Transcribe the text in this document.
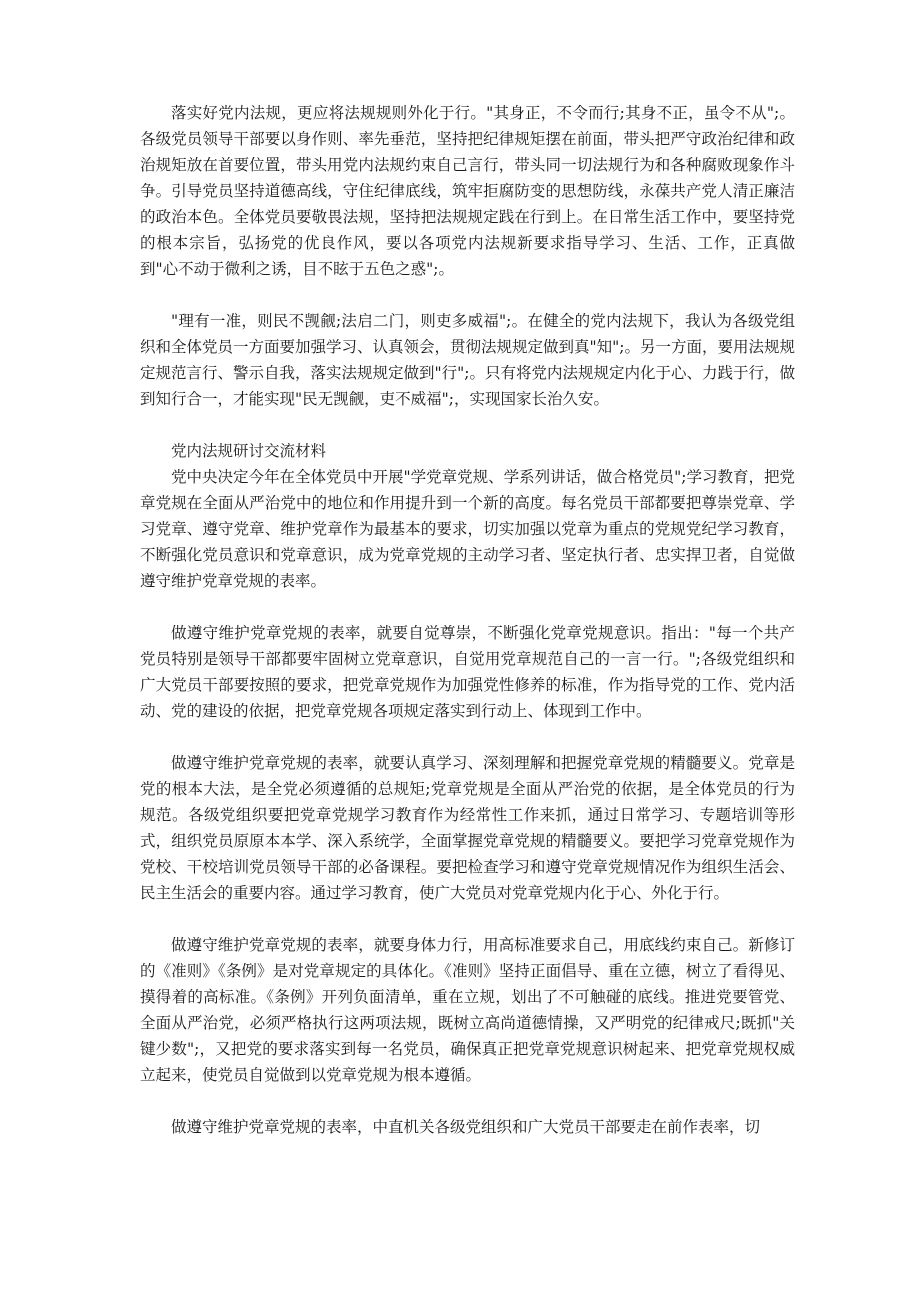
落实好党内法规，更应将法规规则外化于行。"其身正，不令而行;其身不正，虽令不从";。各级党员领导干部要以身作则、率先垂范，坚持把纪律规矩摆在前面，带头把严守政治纪律和政治规矩放在首要位置，带头用党内法规约束自己言行，带头同一切法规行为和各种腐败现象作斗争。引导党员坚持道德高线，守住纪律底线，筑牢拒腐防变的思想防线，永葆共产党人清正廉洁的政治本色。全体党员要敬畏法规，坚持把法规规定践在行到上。在日常生活工作中，要坚持党的根本宗旨，弘扬党的优良作风，要以各项党内法规新要求指导学习、生活、工作，正真做到"心不动于微利之诱，目不眩于五色之惑";。

"理有一准，则民不觊觎;法启二门，则吏多威福";。在健全的党内法规下，我认为各级党组织和全体党员一方面要加强学习、认真领会，贯彻法规规定做到真"知";。另一方面，要用法规规定规范言行、警示自我，落实法规规定做到"行";。只有将党内法规规定内化于心、力践于行，做到知行合一，才能实现"民无觊觎，吏不威福";，实现国家长治久安。

党内法规研讨交流材料

党中央决定今年在全体党员中开展"学党章党规、学系列讲话，做合格党员";学习教育，把党章党规在全面从严治党中的地位和作用提升到一个新的高度。每名党员干部都要把尊崇党章、学习党章、遵守党章、维护党章作为最基本的要求，切实加强以党章为重点的党规党纪学习教育，不断强化党员意识和党章意识，成为党章党规的主动学习者、坚定执行者、忠实捍卫者，自觉做遵守维护党章党规的表率。

做遵守维护党章党规的表率，就要自觉尊崇，不断强化党章党规意识。指出："每一个共产党员特别是领导干部都要牢固树立党章意识，自觉用党章规范自己的一言一行。";各级党组织和广大党员干部要按照的要求，把党章党规作为加强党性修养的标准，作为指导党的工作、党内活动、党的建设的依据，把党章党规各项规定落实到行动上、体现到工作中。

做遵守维护党章党规的表率，就要认真学习、深刻理解和把握党章党规的精髓要义。党章是党的根本大法，是全党必须遵循的总规矩;党章党规是全面从严治党的依据，是全体党员的行为规范。各级党组织要把党章党规学习教育作为经常性工作来抓，通过日常学习、专题培训等形式，组织党员原原本本学、深入系统学，全面掌握党章党规的精髓要义。要把学习党章党规作为党校、干校培训党员领导干部的必备课程。要把检查学习和遵守党章党规情况作为组织生活会、民主生活会的重要内容。通过学习教育，使广大党员对党章党规内化于心、外化于行。

做遵守维护党章党规的表率，就要身体力行，用高标准要求自己，用底线约束自己。新修订的《准则》《条例》是对党章规定的具体化。《准则》坚持正面倡导、重在立德，树立了看得见、摸得着的高标准。《条例》开列负面清单，重在立规，划出了不可触碰的底线。推进党要管党、全面从严治党，必须严格执行这两项法规，既树立高尚道德情操，又严明党的纪律戒尺;既抓"关键少数";，又把党的要求落实到每一名党员，确保真正把党章党规意识树起来、把党章党规权威立起来，使党员自觉做到以党章党规为根本遵循。

做遵守维护党章党规的表率，中直机关各级党组织和广大党员干部要走在前作表率，切
